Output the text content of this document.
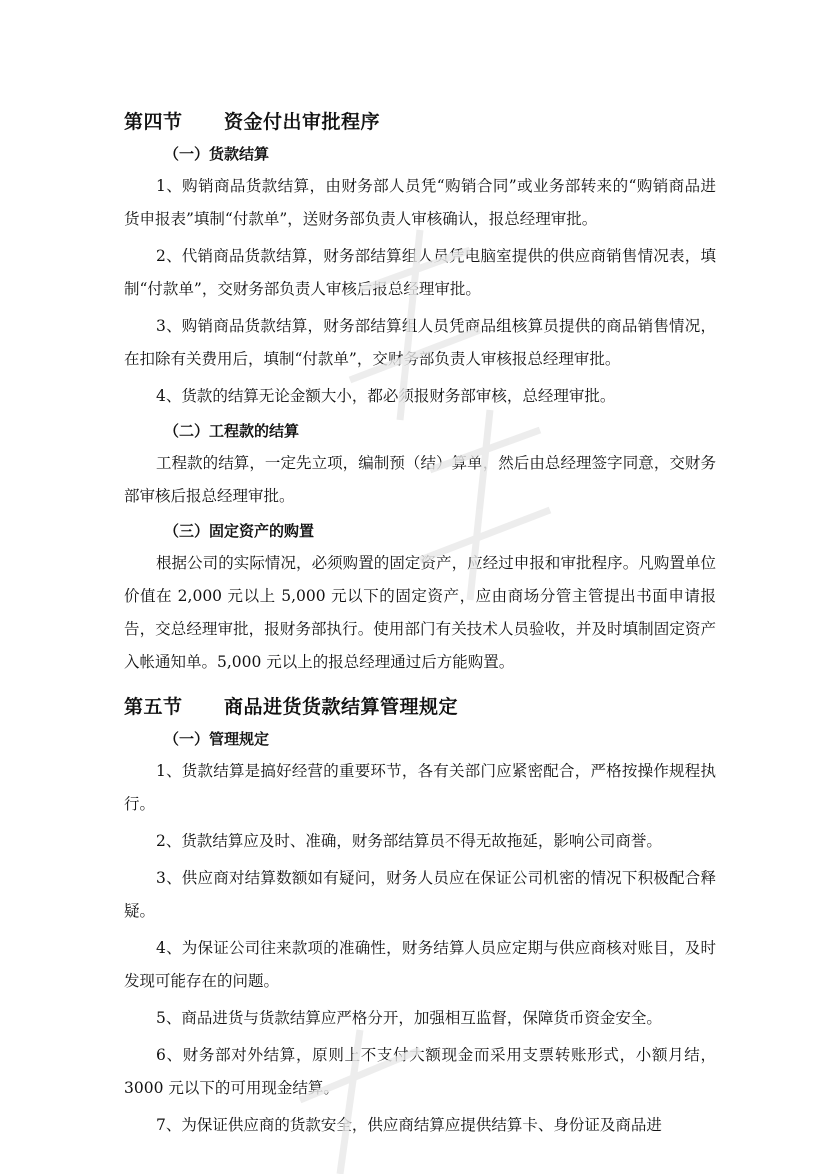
第四节 资金付出审批程序
（一）货款结算

1、购销商品货款结算，由财务部人员凭“购销合同”或业务部转来的“购销商品进货申报表”填制“付款单”，送财务部负责人审核确认，报总经理审批。

2、代销商品货款结算，财务部结算组人员凭电脑室提供的供应商销售情况表，填制“付款单”，交财务部负责人审核后报总经理审批。

3、购销商品货款结算，财务部结算组人员凭商品组核算员提供的商品销售情况，在扣除有关费用后，填制“付款单”，交财务部负责人审核报总经理审批。

4、货款的结算无论金额大小，都必须报财务部审核，总经理审批。

（二）工程款的结算

工程款的结算，一定先立项，编制预（结）算单，然后由总经理签字同意，交财务部审核后报总经理审批。

（三）固定资产的购置

根据公司的实际情况，必须购置的固定资产，应经过申报和审批程序。凡购置单位价值在 2,000 元以上 5,000 元以下的固定资产，应由商场分管主管提出书面申请报告，交总经理审批，报财务部执行。使用部门有关技术人员验收，并及时填制固定资产入帐通知单。5,000 元以上的报总经理通过后方能购置。

第五节 商品进货货款结算管理规定
（一）管理规定

1、货款结算是搞好经营的重要环节，各有关部门应紧密配合，严格按操作规程执行。

2、货款结算应及时、准确，财务部结算员不得无故拖延，影响公司商誉。

3、供应商对结算数额如有疑问，财务人员应在保证公司机密的情况下积极配合释疑。

4、为保证公司往来款项的准确性，财务结算人员应定期与供应商核对账目，及时发现可能存在的问题。

5、商品进货与货款结算应严格分开，加强相互监督，保障货币资金安全。

6、财务部对外结算，原则上不支付大额现金而采用支票转账形式，小额月结，3000 元以下的可用现金结算。

7、为保证供应商的货款安全，供应商结算应提供结算卡、身份证及商品进
